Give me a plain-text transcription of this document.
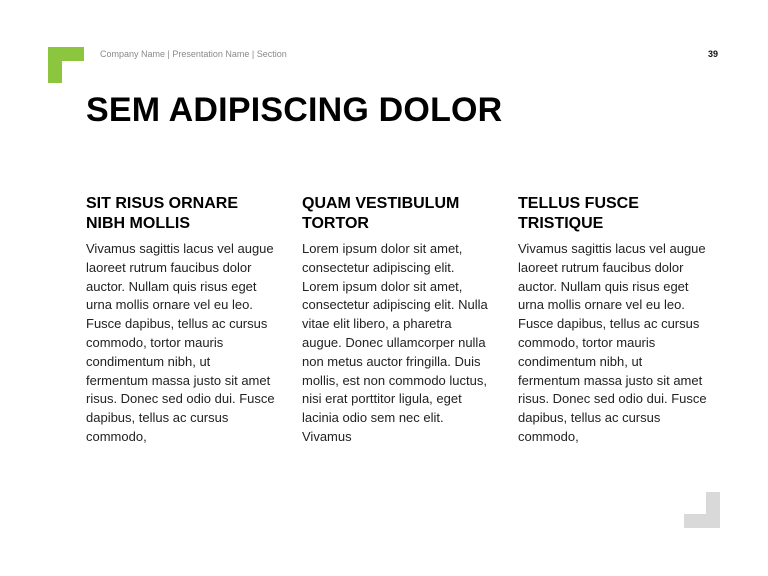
Company Name | Presentation Name | Section	39
SEM ADIPISCING DOLOR
SIT RISUS ORNARE NIBH MOLLIS

Vivamus sagittis lacus vel augue laoreet rutrum faucibus dolor auctor. Nullam quis risus eget urna mollis ornare vel eu leo. Fusce dapibus, tellus ac cursus commodo, tortor mauris condimentum nibh, ut fermentum massa justo sit amet risus. Donec sed odio dui. Fusce dapibus, tellus ac cursus commodo,

QUAM VESTIBULUM TORTOR

Lorem ipsum dolor sit amet, consectetur adipiscing elit. Lorem ipsum dolor sit amet, consectetur adipiscing elit. Nulla vitae elit libero, a pharetra augue. Donec ullamcorper nulla non metus auctor fringilla. Duis mollis, est non commodo luctus, nisi erat porttitor ligula, eget lacinia odio sem nec elit. Vivamus

TELLUS FUSCE TRISTIQUE

Vivamus sagittis lacus vel augue laoreet rutrum faucibus dolor auctor. Nullam quis risus eget urna mollis ornare vel eu leo. Fusce dapibus, tellus ac cursus commodo, tortor mauris condimentum nibh, ut fermentum massa justo sit amet risus. Donec sed odio dui. Fusce dapibus, tellus ac cursus commodo,
